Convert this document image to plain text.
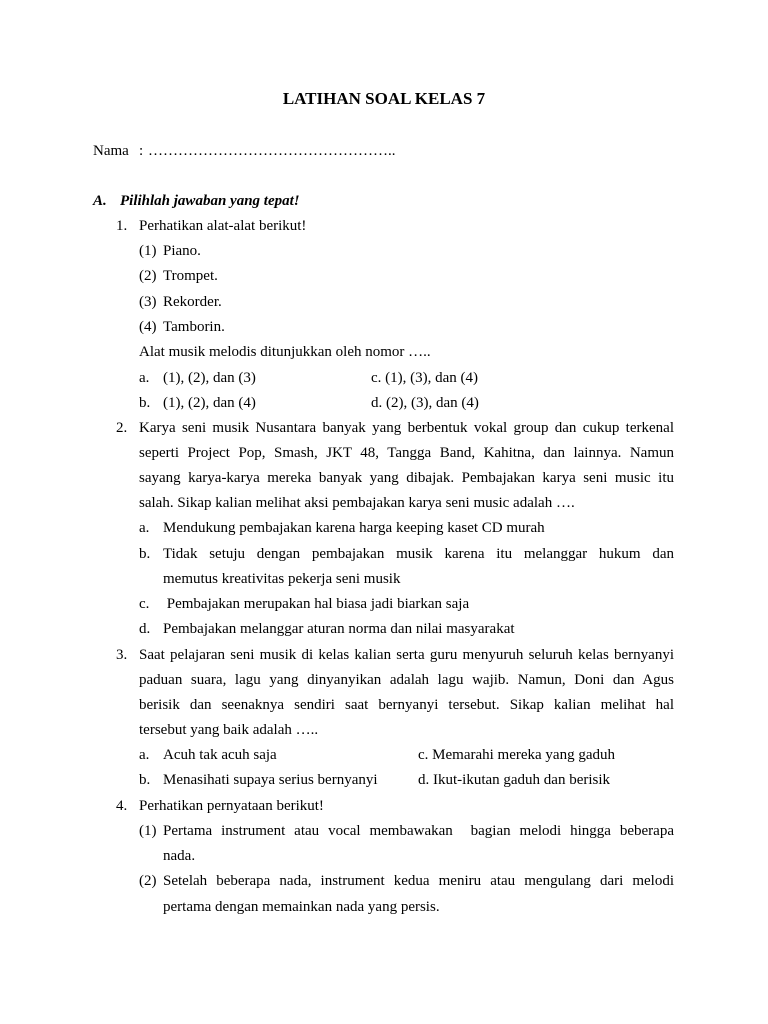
LATIHAN SOAL KELAS 7
Nama : …………………………………………..
A. Pilihlah jawaban yang tepat!
1. Perhatikan alat-alat berikut!
(1) Piano.
(2) Trompet.
(3) Rekorder.
(4) Tamborin.
Alat musik melodis ditunjukkan oleh nomor …..
a. (1), (2), dan (3)	c. (1), (3), dan (4)
b. (1), (2), dan (4)	d. (2), (3), dan (4)
2. Karya seni musik Nusantara banyak yang berbentuk vokal group dan cukup terkenal
seperti Project Pop, Smash, JKT 48, Tangga Band, Kahitna, dan lainnya. Namun
sayang karya-karya mereka banyak yang dibajak. Pembajakan karya seni music itu
salah. Sikap kalian melihat aksi pembajakan karya seni music adalah ….
a. Mendukung pembajakan karena harga keeping kaset CD murah
b. Tidak setuju dengan pembajakan musik karena itu melanggar hukum dan
memutus kreativitas pekerja seni musik
c. Pembajakan merupakan hal biasa jadi biarkan saja
d. Pembajakan melanggar aturan norma dan nilai masyarakat
3. Saat pelajaran seni musik di kelas kalian serta guru menyuruh seluruh kelas bernyanyi
paduan suara, lagu yang dinyanyikan adalah lagu wajib. Namun, Doni dan Agus
berisik dan seenaknya sendiri saat bernyanyi tersebut. Sikap kalian melihat hal
tersebut yang baik adalah …..
a. Acuh tak acuh saja	c. Memarahi mereka yang gaduh
b. Menasihati supaya serius bernyanyi	d. Ikut-ikutan gaduh dan berisik
4. Perhatikan pernyataan berikut!
(1) Pertama instrument atau vocal membawakan  bagian melodi hingga beberapa
nada.
(2) Setelah beberapa nada, instrument kedua meniru atau mengulang dari melodi
pertama dengan memainkan nada yang persis.
